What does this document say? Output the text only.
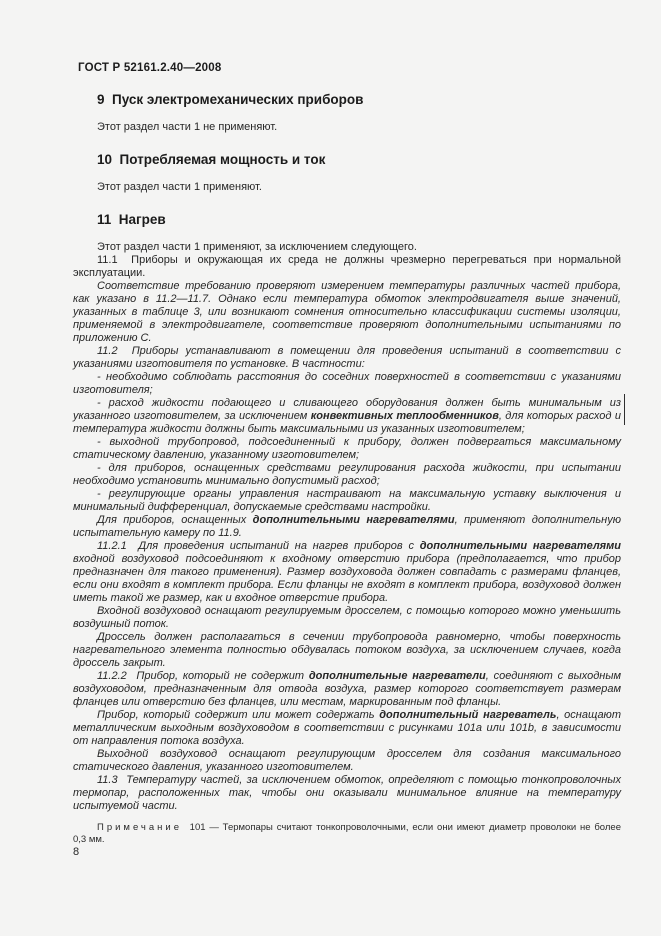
ГОСТ Р 52161.2.40—2008
9  Пуск электромеханических приборов
Этот раздел части 1 не применяют.
10  Потребляемая мощность и ток
Этот раздел части 1 применяют.
11  Нагрев
Этот раздел части 1 применяют, за исключением следующего.
11.1  Приборы и окружающая их среда не должны чрезмерно перегреваться при нормальной эксплуатации.
Соответствие требованию проверяют измерением температуры различных частей прибора, как указано в 11.2—11.7. Однако если температура обмоток электродвигателя выше значений, указанных в таблице 3, или возникают сомнения относительно классификации системы изоляции, применяемой в электродвигателе, соответствие проверяют дополнительными испытаниями по приложению С.
11.2  Приборы устанавливают в помещении для проведения испытаний в соответствии с указаниями изготовителя по установке. В частности:
- необходимо соблюдать расстояния до соседних поверхностей в соответствии с указаниями изготовителя;
- расход жидкости подающего и сливающего оборудования должен быть минимальным из указанного изготовителем, за исключением конвективных теплообменников, для которых расход и температура жидкости должны быть максимальными из указанных изготовителем;
- выходной трубопровод, подсоединенный к прибору, должен подвергаться максимальному статическому давлению, указанному изготовителем;
- для приборов, оснащенных средствами регулирования расхода жидкости, при испытании необходимо установить минимально допустимый расход;
- регулирующие органы управления настраивают на максимальную уставку выключения и минимальный дифференциал, допускаемые средствами настройки.
Для приборов, оснащенных дополнительными нагревателями, применяют дополнительную испытательную камеру по 11.9.
11.2.1  Для проведения испытаний на нагрев приборов с дополнительными нагревателями входной воздуховод подсоединяют к входному отверстию прибора (предполагается, что прибор предназначен для такого применения). Размер воздуховода должен совпадать с размерами фланцев, если они входят в комплект прибора. Если фланцы не входят в комплект прибора, воздуховод должен иметь такой же размер, как и входное отверстие прибора.
Входной воздуховод оснащают регулируемым дросселем, с помощью которого можно уменьшить воздушный поток.
Дроссель должен располагаться в сечении трубопровода равномерно, чтобы поверхность нагревательного элемента полностью обдувалась потоком воздуха, за исключением случаев, когда дроссель закрыт.
11.2.2  Прибор, который не содержит дополнительные нагреватели, соединяют с выходным воздуховодом, предназначенным для отвода воздуха, размер которого соответствует размерам фланцев или отверстию без фланцев, или местам, маркированным под фланцы.
Прибор, который содержит или может содержать дополнительный нагреватель, оснащают металлическим выходным воздуховодом в соответствии с рисунками 101а или 101b, в зависимости от направления потока воздуха.
Выходной воздуховод оснащают регулирующим дросселем для создания максимального статического давления, указанного изготовителем.
11.3  Температуру частей, за исключением обмоток, определяют с помощью тонкопроволочных термопар, расположенных так, чтобы они оказывали минимальное влияние на температуру испытуемой части.
Примечание  101 — Термопары считают тонкопроволочными, если они имеют диаметр проволоки не более 0,3 мм.
8
